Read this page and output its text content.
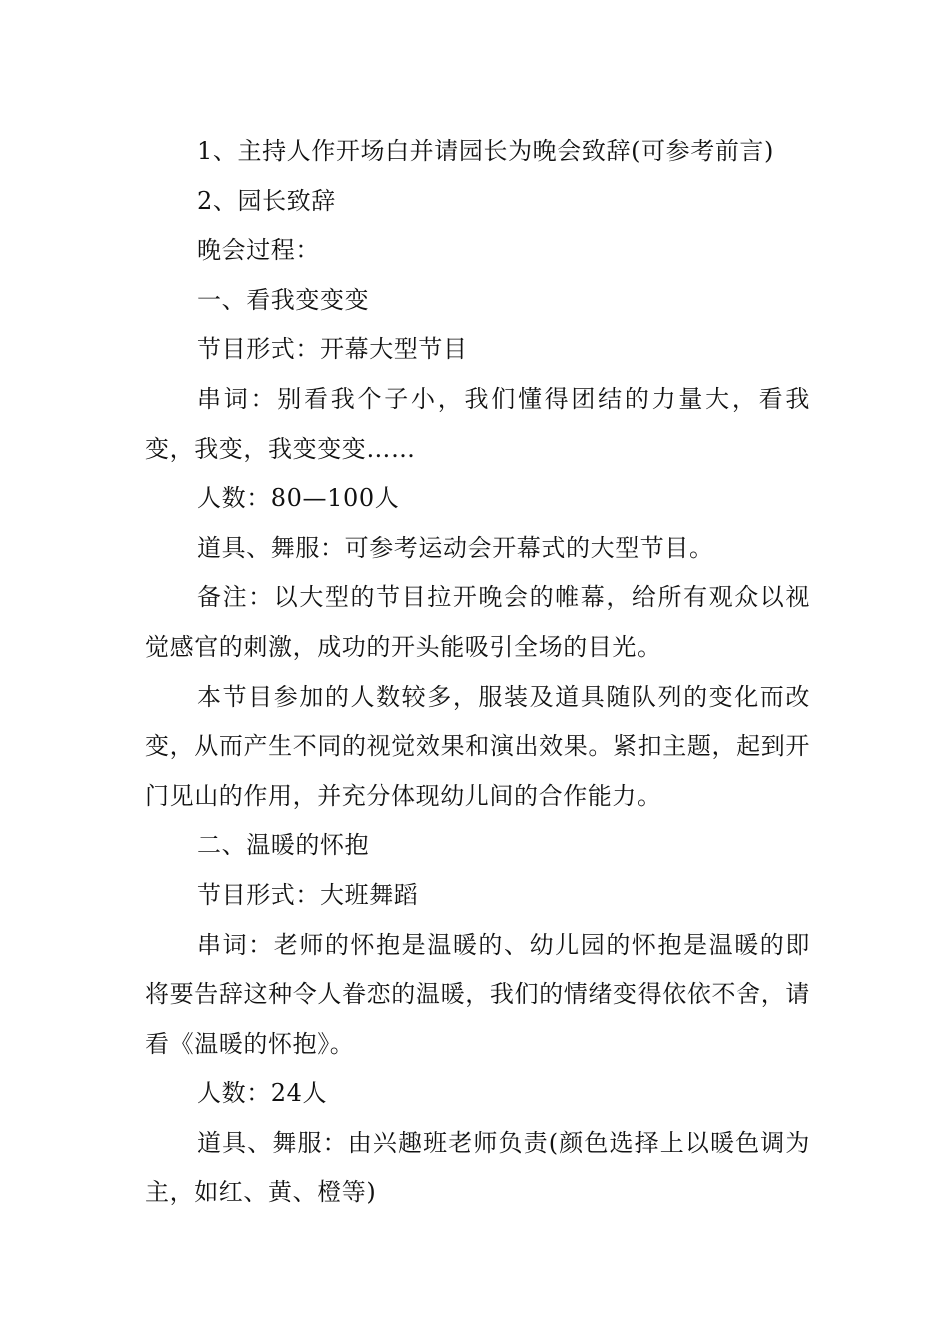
1、主持人作开场白并请园长为晚会致辞(可参考前言)

2、园长致辞

晚会过程：

一、看我变变变

节目形式：开幕大型节目

串词：别看我个子小，我们懂得团结的力量大，看我变，我变，我变变变……

人数：80—100人

道具、舞服：可参考运动会开幕式的大型节目。

备注：以大型的节目拉开晚会的帷幕，给所有观众以视觉感官的刺激，成功的开头能吸引全场的目光。

本节目参加的人数较多，服装及道具随队列的变化而改变，从而产生不同的视觉效果和演出效果。紧扣主题，起到开门见山的作用，并充分体现幼儿间的合作能力。

二、温暖的怀抱

节目形式：大班舞蹈

串词：老师的怀抱是温暖的、幼儿园的怀抱是温暖的即将要告辞这种令人眷恋的温暖，我们的情绪变得依依不舍，请看《温暖的怀抱》。

人数：24人

道具、舞服：由兴趣班老师负责(颜色选择上以暖色调为主，如红、黄、橙等)
